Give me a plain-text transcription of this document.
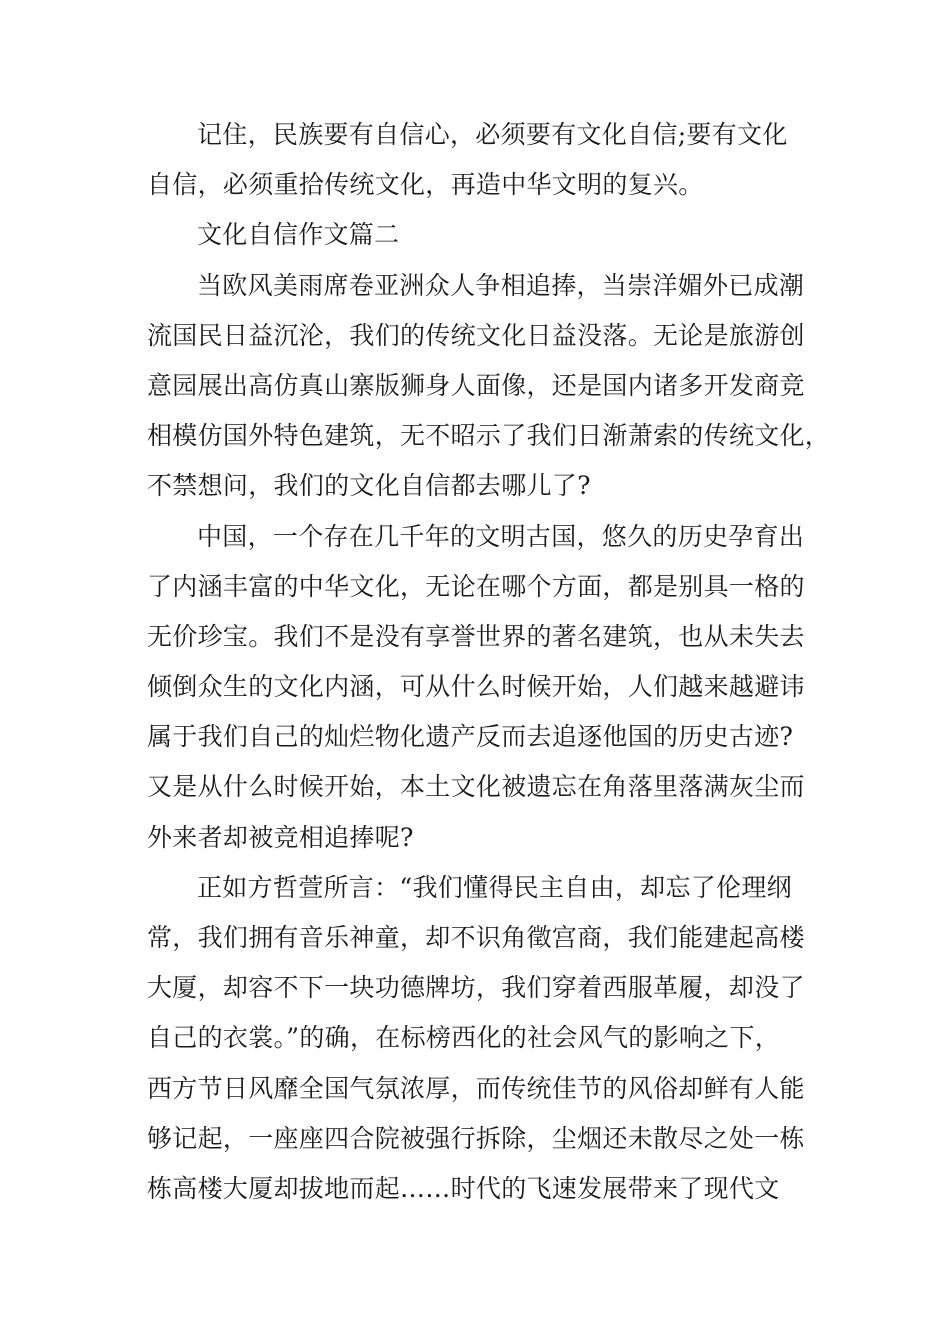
记住，民族要有自信心，必须要有文化自信;要有文化
自信，必须重拾传统文化，再造中华文明的复兴。
文化自信作文篇二
当欧风美雨席卷亚洲众人争相追捧，当崇洋媚外已成潮
流国民日益沉沦，我们的传统文化日益没落。无论是旅游创
意园展出高仿真山寨版狮身人面像，还是国内诸多开发商竞
相模仿国外特色建筑，无不昭示了我们日渐萧索的传统文化，
不禁想问，我们的文化自信都去哪儿了?
中国，一个存在几千年的文明古国，悠久的历史孕育出
了内涵丰富的中华文化，无论在哪个方面，都是别具一格的
无价珍宝。我们不是没有享誉世界的著名建筑，也从未失去
倾倒众生的文化内涵，可从什么时候开始，人们越来越避讳
属于我们自己的灿烂物化遗产反而去追逐他国的历史古迹?
又是从什么时候开始，本土文化被遗忘在角落里落满灰尘而
外来者却被竞相追捧呢?
正如方哲萱所言：“我们懂得民主自由，却忘了伦理纲
常，我们拥有音乐神童，却不识角徵宫商，我们能建起高楼
大厦，却容不下一块功德牌坊，我们穿着西服革履，却没了
自己的衣裳。”的确，在标榜西化的社会风气的影响之下，
西方节日风靡全国气氛浓厚，而传统佳节的风俗却鲜有人能
够记起，一座座四合院被强行拆除，尘烟还未散尽之处一栋
栋高楼大厦却拔地而起……时代的飞速发展带来了现代文
